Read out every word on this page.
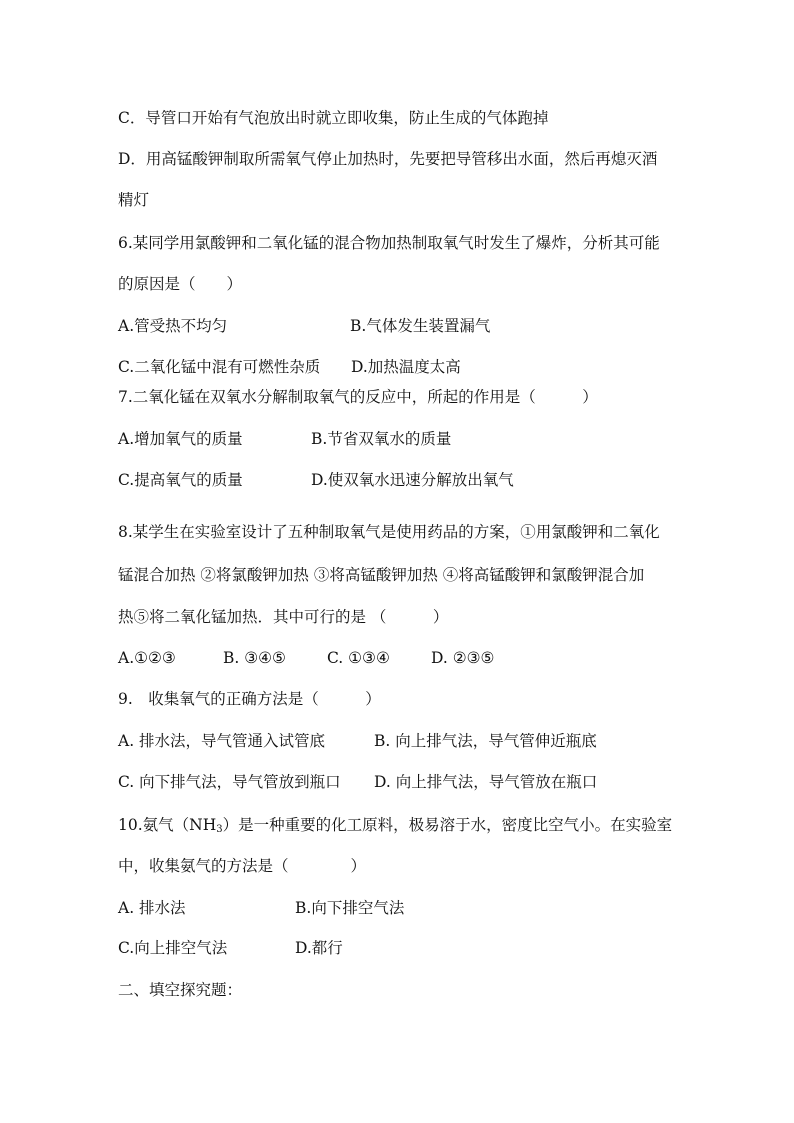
C．导管口开始有气泡放出时就立即收集，防止生成的气体跑掉
D．用高锰酸钾制取所需氧气停止加热时，先要把导管移出水面，然后再熄灭酒
精灯
6.某同学用氯酸钾和二氧化锰的混合物加热制取氧气时发生了爆炸，分析其可能
的原因是（　　）
A.管受热不均匀	B.气体发生装置漏气
C.二氧化锰中混有可燃性杂质 D.加热温度太高
7.二氧化锰在双氧水分解制取氧气的反应中，所起的作用是（　　　）
A.增加氧气的质量	B.节省双氧水的质量
C.提高氧气的质量	D.使双氧水迅速分解放出氧气
8.某学生在实验室设计了五种制取氧气是使用药品的方案，①用氯酸钾和二氧化
锰混合加热 ②将氯酸钾加热 ③将高锰酸钾加热 ④将高锰酸钾和氯酸钾混合加
热⑤将二氧化锰加热．其中可行的是 （　　　）
A.①②③	B. ③④⑤	C. ①③④	D. ②③⑤
9.　收集氧气的正确方法是（　　　）
A. 排水法，导气管通入试管底	B. 向上排气法，导气管伸近瓶底
C. 向下排气法，导气管放到瓶口 D. 向上排气法，导气管放在瓶口
10.氨气$(NH_3)$是一种重要的化工原料，极易溶于水，密度比空气小。在实验室
中，收集氨气的方法是（　　　　）
A. 排水法	B.向下排空气法
C.向上排空气法	D.都行
二、填空探究题：
